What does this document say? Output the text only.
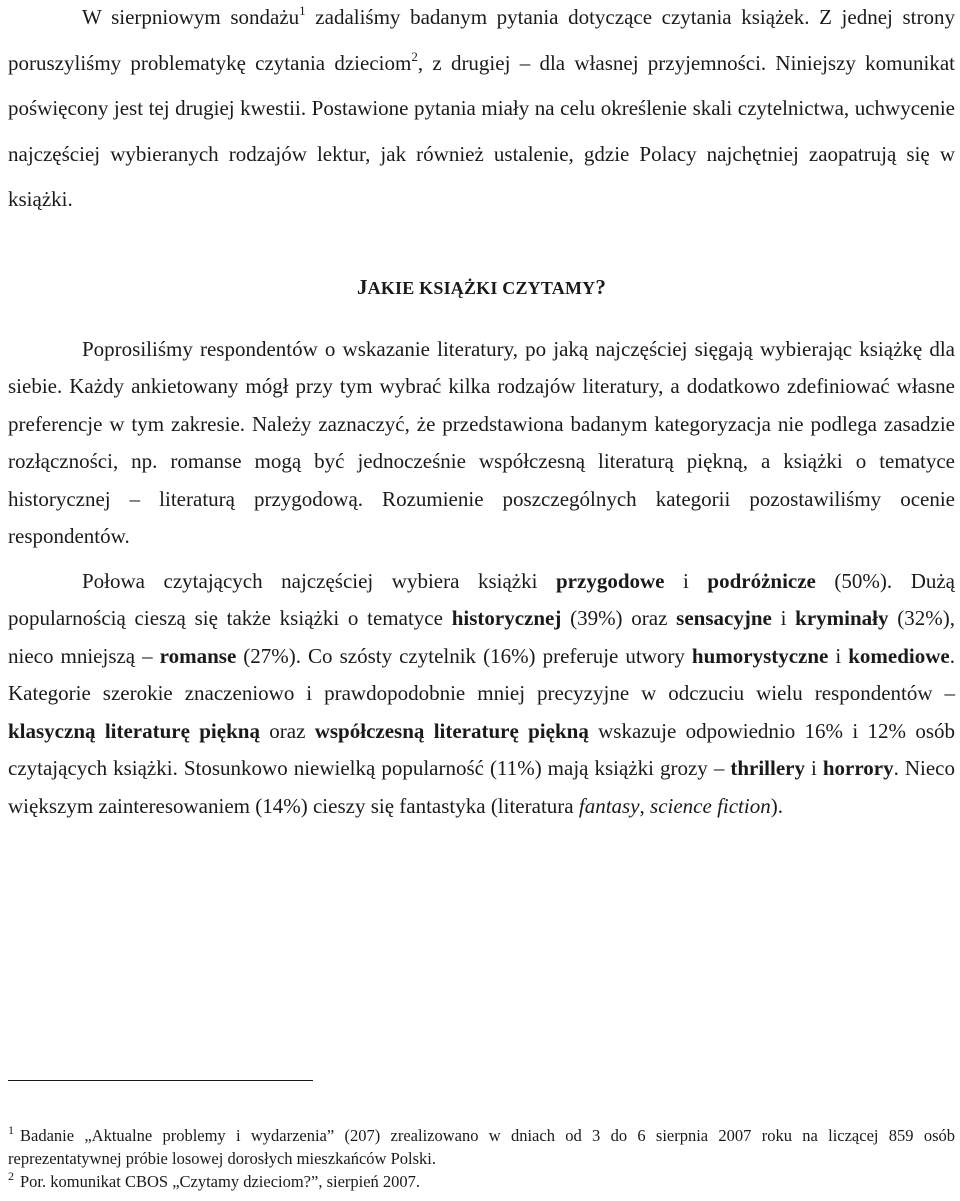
W sierpniowym sondażu$^1$ zadaliśmy badanym pytania dotyczące czytania książek. Z jednej strony poruszyliśmy problematykę czytania dzieciom$^2$, z drugiej – dla własnej przyjemności. Niniejszy komunikat poświęcony jest tej drugiej kwestii. Postawione pytania miały na celu określenie skali czytelnictwa, uchwycenie najczęściej wybieranych rodzajów lektur, jak również ustalenie, gdzie Polacy najchętniej zaopatrują się w książki.

JAKIE KSIĄŻKI CZYTAMY?

Poprosiliśmy respondentów o wskazanie literatury, po jaką najczęściej sięgają wybierając książkę dla siebie. Każdy ankietowany mógł przy tym wybrać kilka rodzajów literatury, a dodatkowo zdefiniować własne preferencje w tym zakresie. Należy zaznaczyć, że przedstawiona badanym kategoryzacja nie podlega zasadzie rozłączności, np. romanse mogą być jednocześnie współczesną literaturą piękną, a książki o tematyce historycznej – literaturą przygodową. Rozumienie poszczególnych kategorii pozostawiliśmy ocenie respondentów.

Połowa czytających najczęściej wybiera książki przygodowe i podróżnicze (50%). Dużą popularnością cieszą się także książki o tematyce historycznej (39%) oraz sensacyjne i kryminały (32%), nieco mniejszą – romanse (27%). Co szósty czytelnik (16%) preferuje utwory humorystyczne i komediowe. Kategorie szerokie znaczeniowo i prawdopodobnie mniej precyzyjne w odczuciu wielu respondentów – klasyczną literaturę piękną oraz współczesną literaturę piękną wskazuje odpowiednio 16% i 12% osób czytających książki. Stosunkowo niewielką popularność (11%) mają książki grozy – thrillery i horrory. Nieco większym zainteresowaniem (14%) cieszy się fantastyka (literatura fantasy, science fiction).

$^1$ Badanie „Aktualne problemy i wydarzenia” (207) zrealizowano w dniach od 3 do 6 sierpnia 2007 roku na liczącej 859 osób reprezentatywnej próbie losowej dorosłych mieszkańców Polski.

$^2$ Por. komunikat CBOS „Czytamy dzieciom?”, sierpień 2007.
